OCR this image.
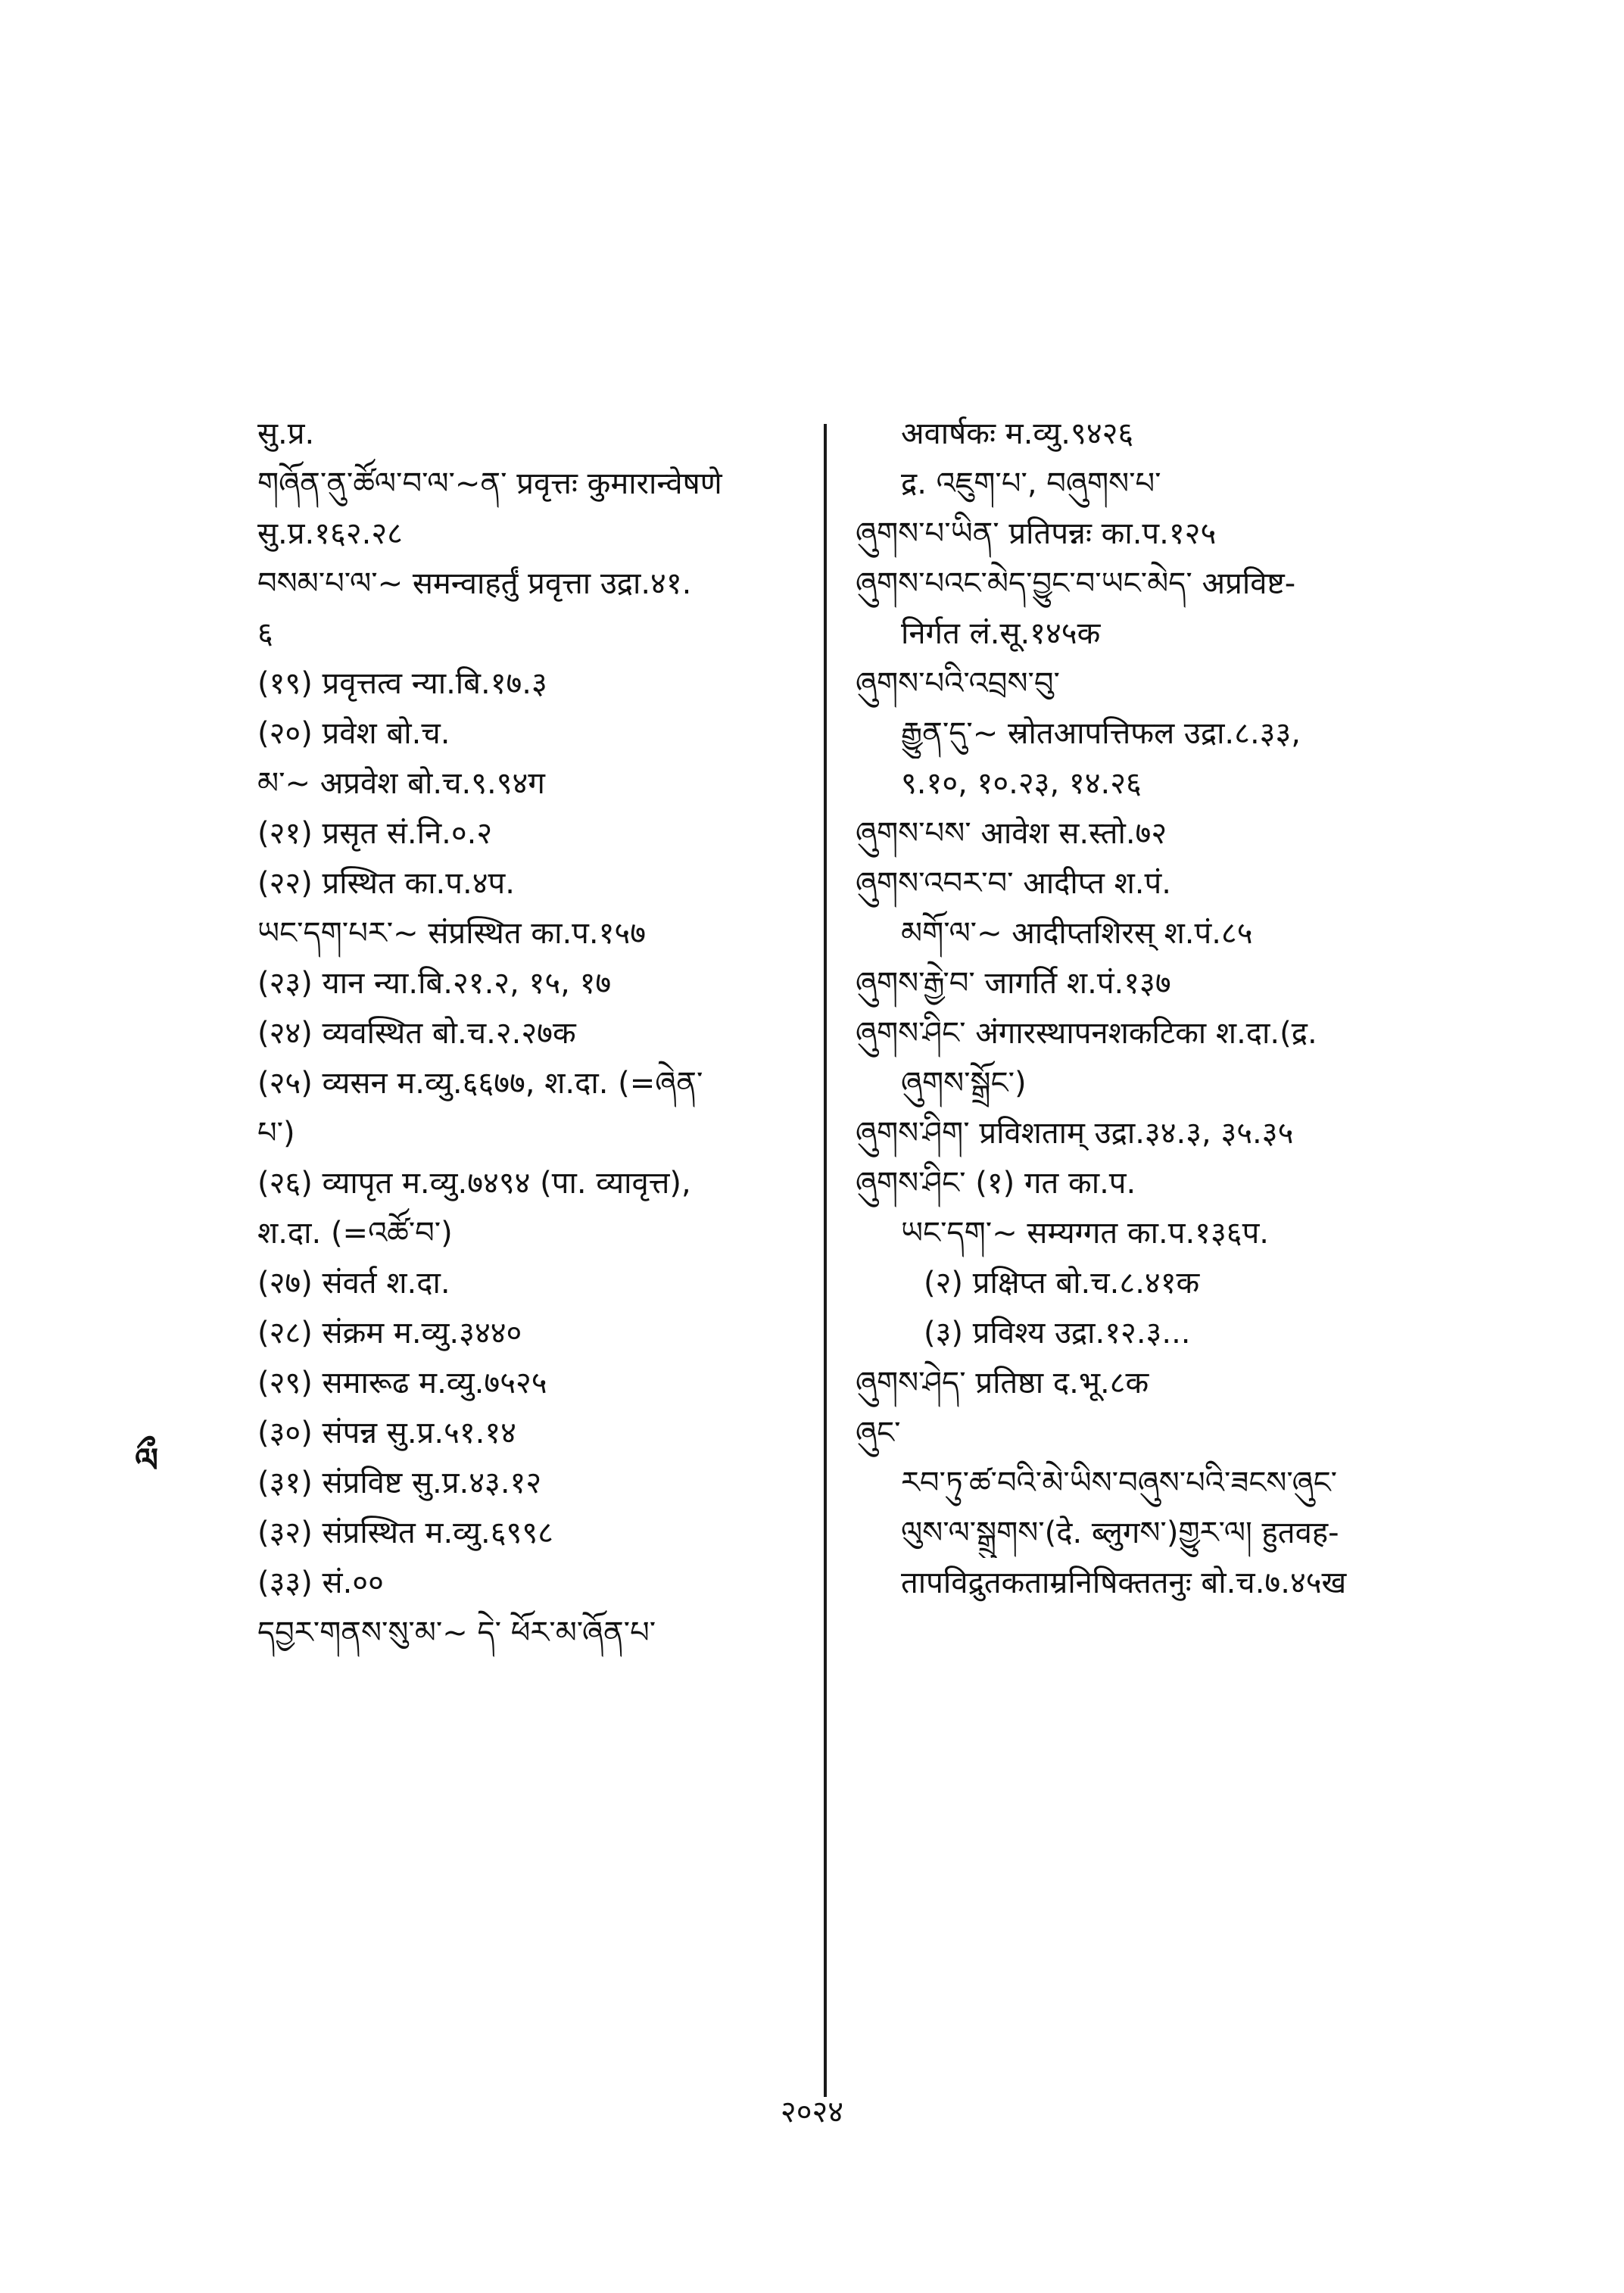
सु.प्र.

གཞོན་ནུ་ཚོལ་བ་ལ་~ན་ प्रवृत्तः कुमारान्वेषणे

सु.प्र.१६२.२८

བསམ་པ་ལ་~ समन्वाहर्तुं प्रवृत्ता उद्रा.४१.

६

(१९) प्रवृत्तत्व न्या.बि.१७.३

(२०) प्रवेश बो.च.

མ་~ अप्रवेश बो.च.९.९४ग

(२१) प्रसृत सं.नि.०.२

(२२) प्रस्थित का.प.४प.

ཡང་དག་པར་~ संप्रस्थित का.प.१५७

(२३) यान न्या.बि.२१.२, १५, १७

(२४) व्यवस्थित बो.च.२.२७क

(२५) व्यसन म.व्यु.६६७७, श.दा. (=ཞེན་

པ་)

(२६) व्यापृत म.व्यु.७४९४ (पा. व्यावृत्त),

श.दा. (=འཚོ་བ་)

(२७) संवर्त श.दा.

(२८) संक्रम म.व्यु.३४४०

(२९) समारूढ म.व्यु.७५२५

(३०) संपन्न सु.प्र.५१.१४

(३१) संप्रविष्ट सु.प्र.४३.१२

(३२) संप्रस्थित म.व्यु.६९९८

(३३) सं.००

དབྱར་གནས་སུ་མ་~ དེ་ ཕོར་མ་ཞོན་པ་

अवार्षकः म.व्यु.९४२६

द्र. འཇུག་པ་, བཞུགས་པ་

ཞུགས་པ་ཡིན་ प्रतिपन्नः का.प.१२५

ཞུགས་པའང་མེད་བྱུང་བ་ཡང་མེད་ अप्रविष्ट-

निर्गत लं.सू.१४५क

ཞུགས་པའི་འབྲས་བུ་

རྒྱུན་དུ་~ स्रोतआपत्तिफल उद्रा.८.३३,

९.१०, १०.२३, १४.२६

ཞུགས་པས་ आवेश स.स्तो.७२

ཞུགས་འབར་བ་ आदीप्त श.पं.

མགོ་ལ་~ आदीप्तशिरस् श.पं.८५

ཞུགས་རྒྱེ་བ་ जागर्ति श.पं.१३७

ཞུགས་ཤིང་ अंगारस्थापनशकटिका श.दा.(द्र.

ཞུགས་སྒྲོང་)

ཞུགས་ཤིག་ प्रविशताम् उद्रा.३४.३, ३५.३५

ཞུགས་ཤིང་ (१) गत का.प.

ཡང་དག་~ सम्यग्गत का.प.१३६प.

(२) प्रक्षिप्त बो.च.८.४१क

(३) प्रविश्य उद्रा.१२.३...

ཞུགས་ཤེད་ प्रतिष्ठा द.भू.८क

ཞུང་

རབ་ཏུ་ཚ་བའི་མེ་ཡིས་བཞུས་པའི་ཟངས་ཞུང་

ལུས་ལ་སྒྲུགས་(दे. ब्लुगས་)གྱུར་ལ། हुतवह-

तापविद्रुतकताम्रनिषिक्ततनुः बो.च.७.४५ख

ལྀ
२०२४
